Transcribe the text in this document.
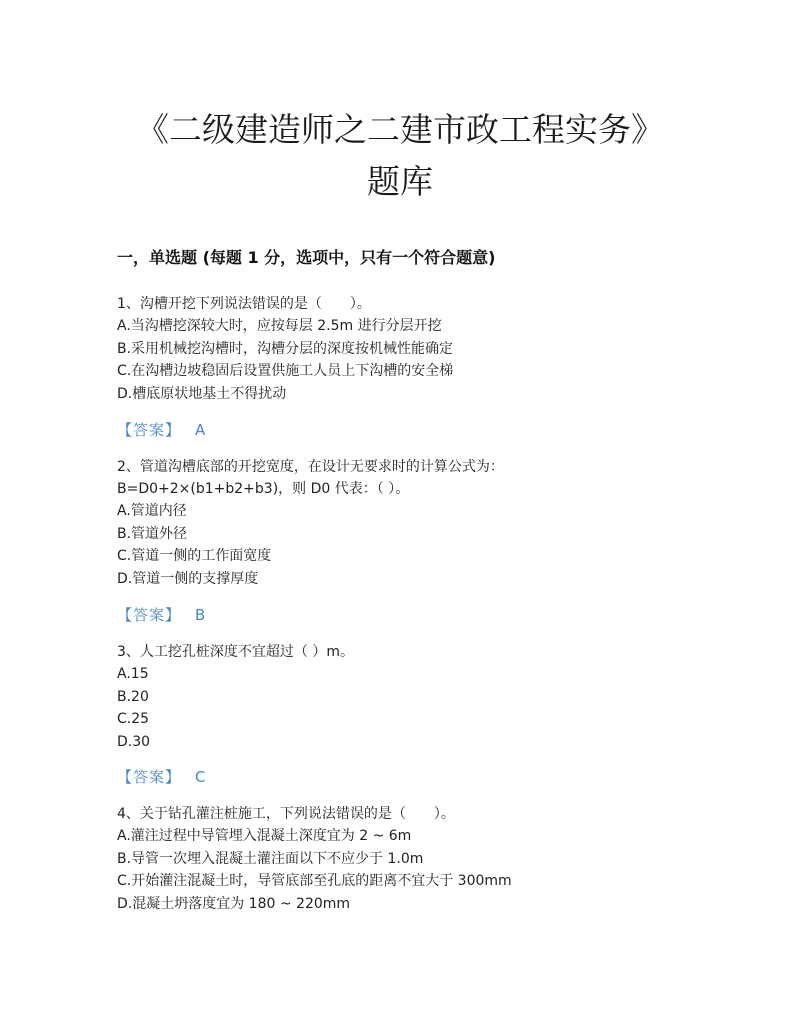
《二级建造师之二建市政工程实务》
题库
一，单选题 (每题 1 分，选项中，只有一个符合题意)

1、沟槽开挖下列说法错误的是（　　）。

A.当沟槽挖深较大时，应按每层 2.5m 进行分层开挖

B.采用机械挖沟槽时，沟槽分层的深度按机械性能确定

C.在沟槽边坡稳固后设置供施工人员上下沟槽的安全梯

D.槽底原状地基土不得扰动

【答案】 A

2、管道沟槽底部的开挖宽度，在设计无要求时的计算公式为：B=D0+2×(b1+b2+b3)，则 D0 代表：（ ）。

A.管道内径

B.管道外径

C.管道一侧的工作面宽度

D.管道一侧的支撑厚度

【答案】 B

3、人工挖孔桩深度不宜超过（ ）m。

A.15

B.20

C.25

D.30

【答案】 C

4、关于钻孔灌注桩施工，下列说法错误的是（　　）。

A.灌注过程中导管埋入混凝土深度宜为 2 ~ 6m

B.导管一次埋入混凝土灌注面以下不应少于 1.0m

C.开始灌注混凝土时，导管底部至孔底的距离不宜大于 300mm

D.混凝土坍落度宜为 180 ~ 220mm
